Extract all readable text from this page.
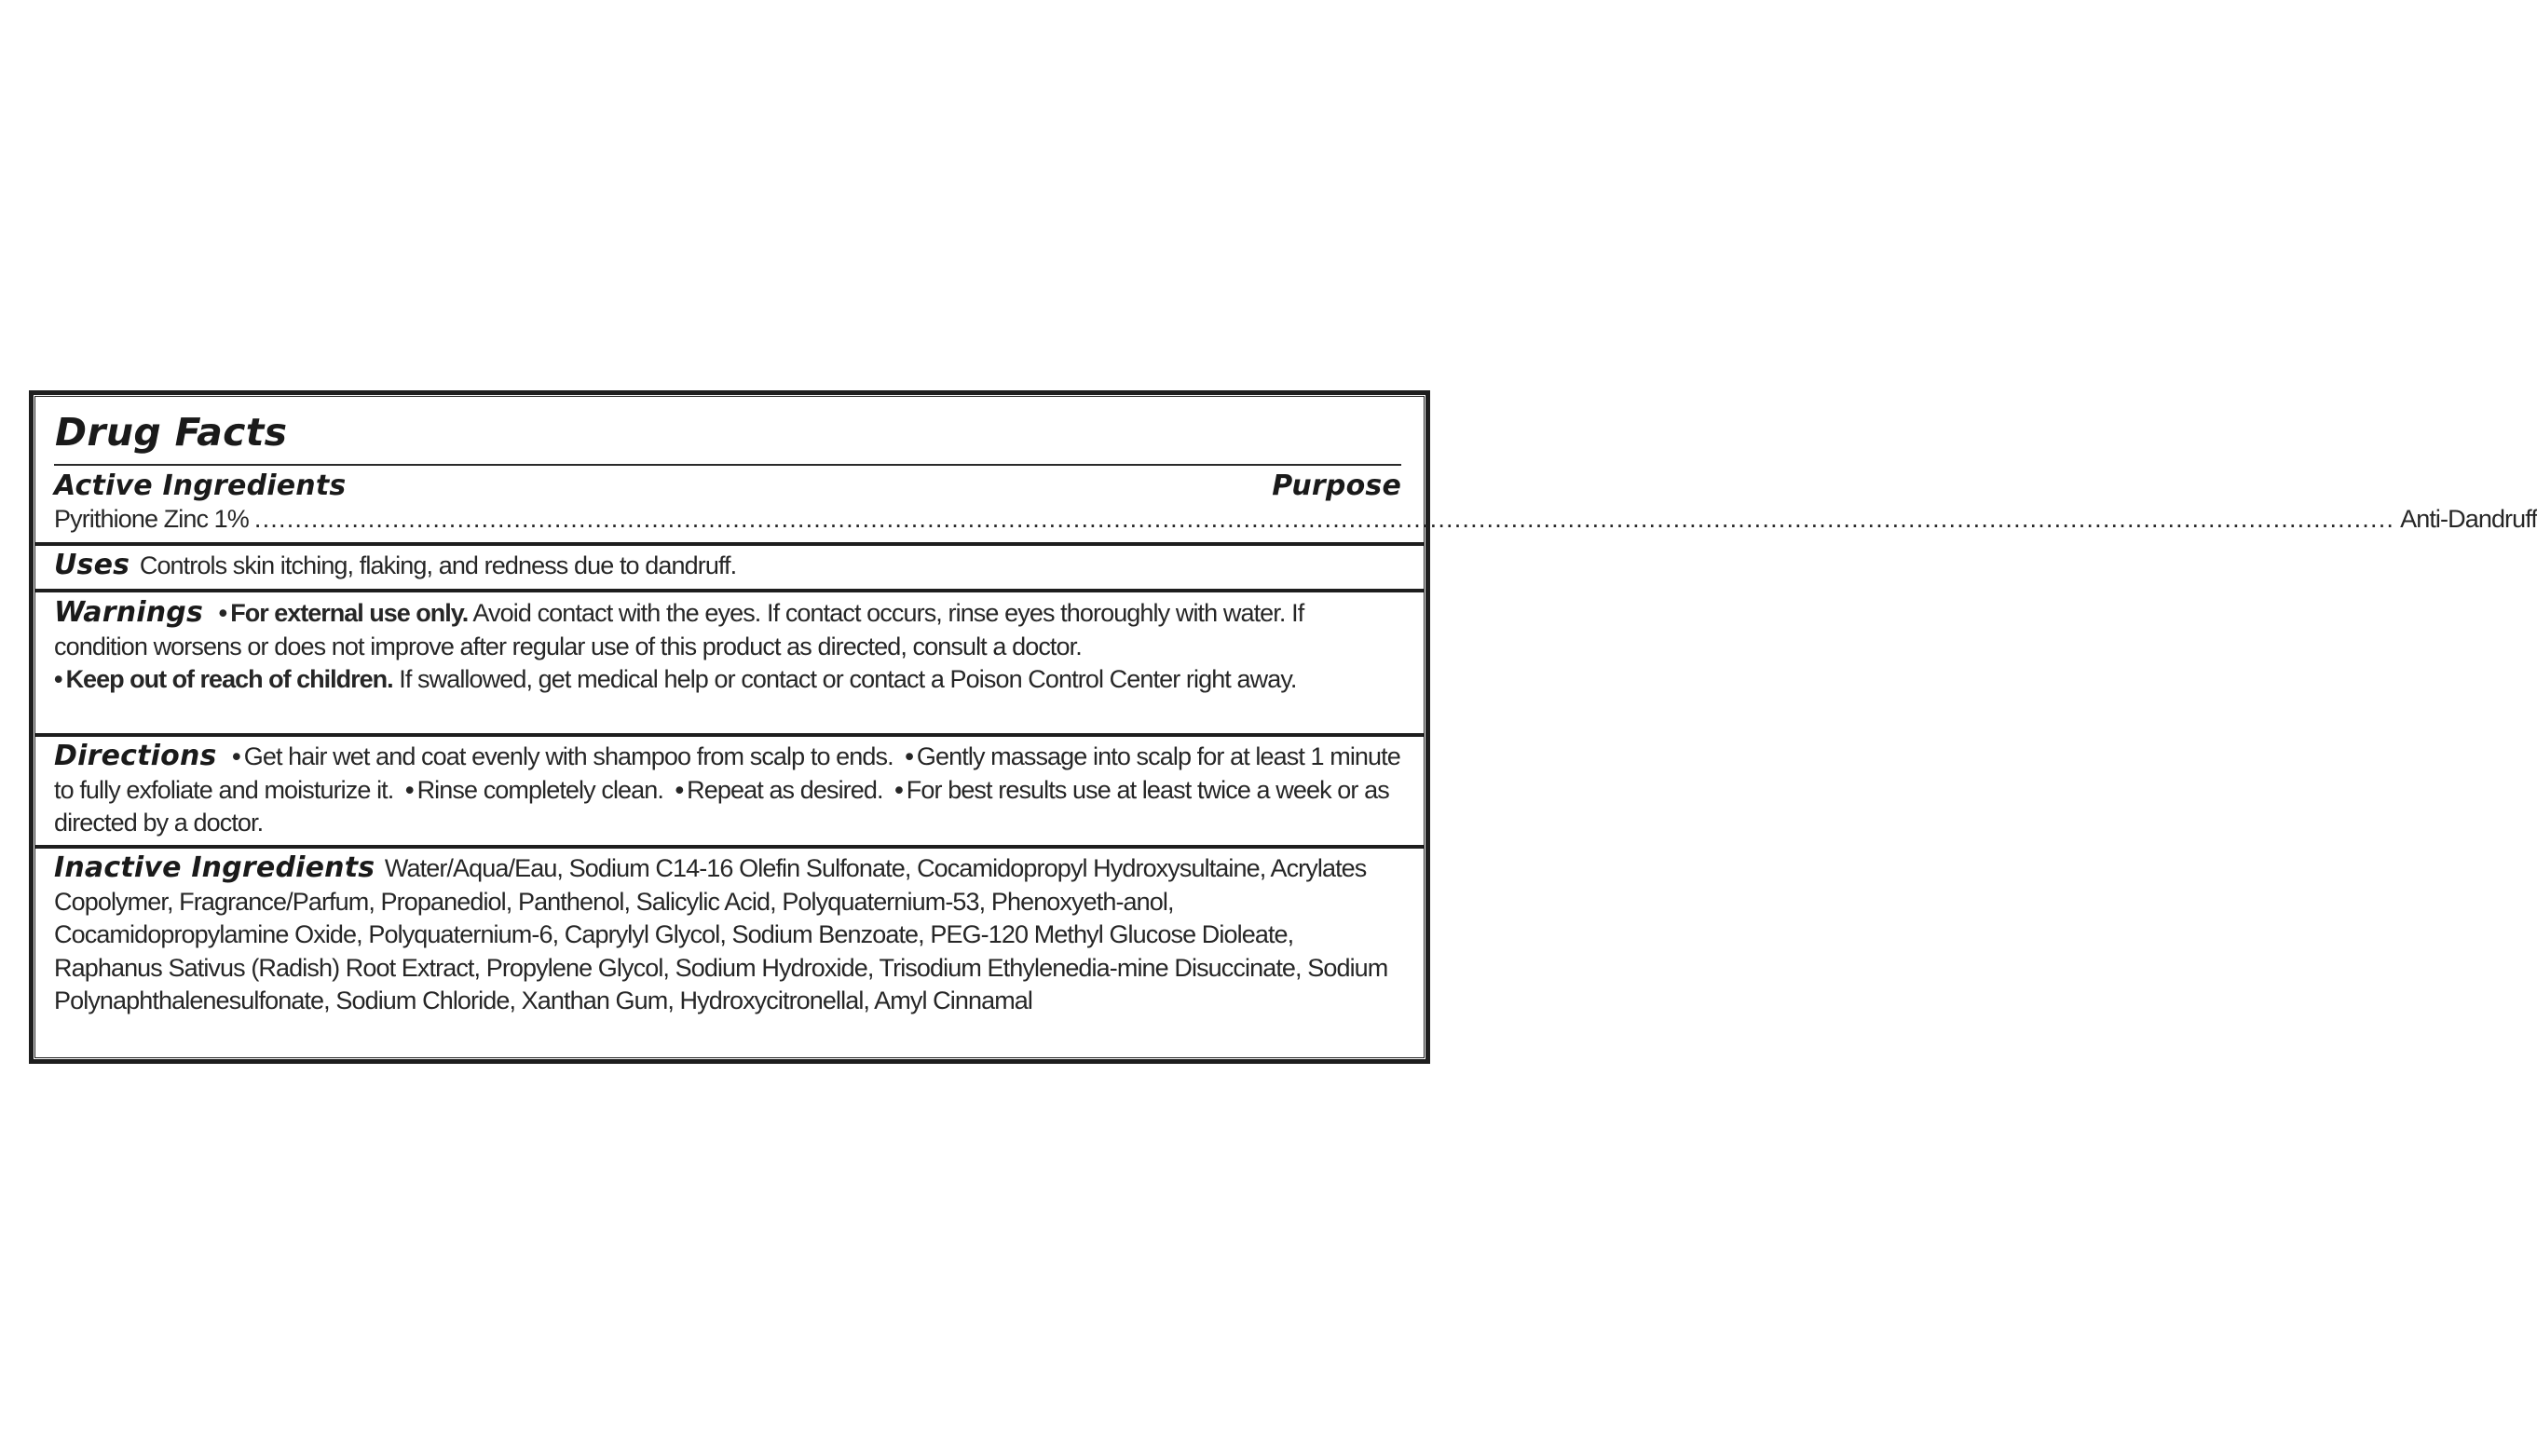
Drug Facts
Active Ingredients	Purpose
Pyrithione Zinc 1% ........................................................................................................................................................................................................................................................................ Anti-Dandruff
Uses Controls skin itching, flaking, and redness due to dandruff.
Warnings • For external use only. Avoid contact with the eyes. If contact occurs, rinse eyes thoroughly with water. If condition worsens or does not improve after regular use of this product as directed, consult a doctor.
• Keep out of reach of children. If swallowed, get medical help or contact or contact a Poison Control Center right away.
Directions • Get hair wet and coat evenly with shampoo from scalp to ends. • Gently massage into scalp for at least 1 minute to fully exfoliate and moisturize it. • Rinse completely clean. • Repeat as desired. • For best results use at least twice a week or as directed by a doctor.
Inactive Ingredients Water/Aqua/Eau, Sodium C14-16 Olefin Sulfonate, Cocamidopropyl Hydroxysultaine, Acrylates Copolymer, Fragrance/Parfum, Propanediol, Panthenol, Salicylic Acid, Polyquaternium-53, Phenoxyeth-anol, Cocamidopropylamine Oxide, Polyquaternium-6, Caprylyl Glycol, Sodium Benzoate, PEG-120 Methyl Glucose Dioleate, Raphanus Sativus (Radish) Root Extract, Propylene Glycol, Sodium Hydroxide, Trisodium Ethylenedia-mine Disuccinate, Sodium Polynaphthalenesulfonate, Sodium Chloride, Xanthan Gum, Hydroxycitronellal, Amyl Cinnamal
